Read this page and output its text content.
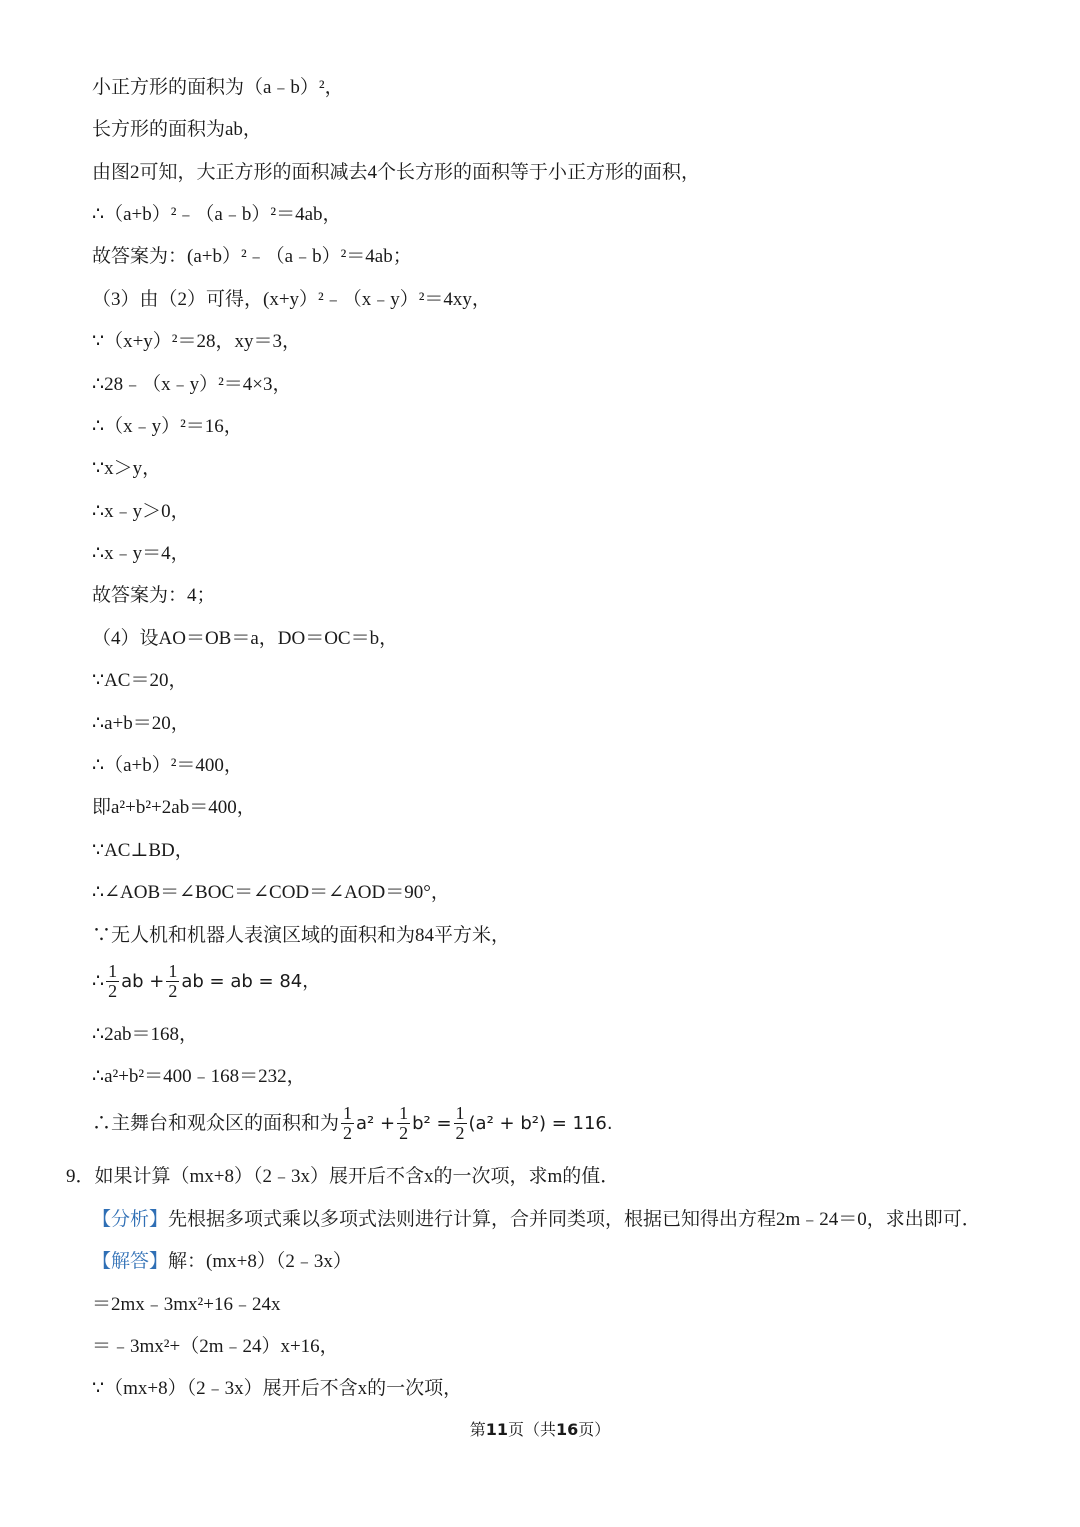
小正方形的面积为（a﹣b）²，
长方形的面积为ab，
由图2可知，大正方形的面积减去4个长方形的面积等于小正方形的面积，
∴（a+b）²﹣（a﹣b）²＝4ab，
故答案为：(a+b）²﹣（a﹣b）²＝4ab；
（3）由（2）可得，(x+y）²﹣（x﹣y）²＝4xy，
∵（x+y）²＝28，xy＝3，
∴28﹣（x﹣y）²＝4×3，
∴（x﹣y）²＝16，
∵x＞y，
∴x﹣y＞0，
∴x﹣y＝4，
故答案为：4；
（4）设AO＝OB＝a，DO＝OC＝b，
∵AC＝20，
∴a+b＝20，
∴（a+b）²＝400，
即a²+b²+2ab＝400，
∵AC⊥BD，
∴∠AOB＝∠BOC＝∠COD＝∠AOD＝90°，
∵无人机和机器人表演区域的面积和为84平方米，
∴ $\frac{1}{2}$ ab + $\frac{1}{2}$ ab = ab = 84，
∴2ab＝168，
∴a²+b²＝400﹣168＝232，
∴主舞台和观众区的面积和为 $\frac{1}{2} a^2 + \frac{1}{2} b^2 = \frac{1}{2} (a^2 + b^2) = 116$.
9．如果计算（mx+8）（2﹣3x）展开后不含x的一次项，求m的值．
【分析】先根据多项式乘以多项式法则进行计算，合并同类项，根据已知得出方程2m﹣24＝0，求出即可．
【解答】解：(mx+8）（2﹣3x）
＝2mx﹣3mx²+16﹣24x
＝﹣3mx²+（2m﹣24）x+16，
∵（mx+8）（2﹣3x）展开后不含x的一次项，
第11页（共16页）
